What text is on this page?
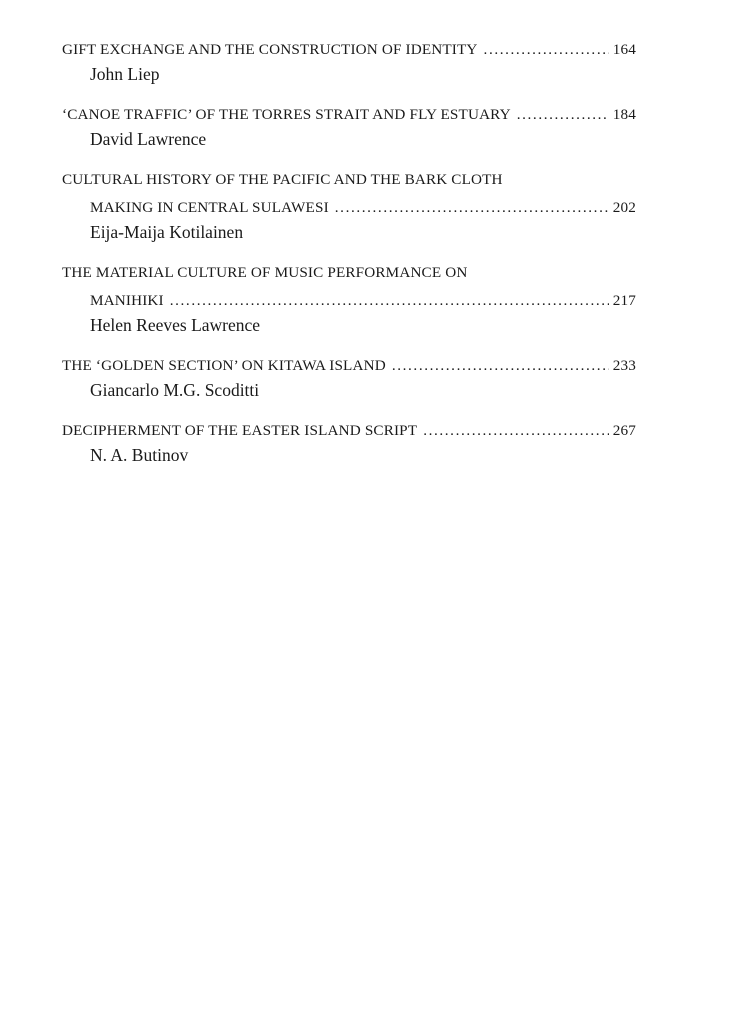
GIFT EXCHANGE AND THE CONSTRUCTION OF IDENTITY . . .	164
John Liep
‘CANOE TRAFFIC’ OF THE TORRES STRAIT AND FLY ESTUARY . . .	184
David Lawrence
CULTURAL HISTORY OF THE PACIFIC AND THE BARK CLOTH
MAKING IN CENTRAL SULAWESI . . .	202
Eija-Maija Kotilainen
THE MATERIAL CULTURE OF MUSIC PERFORMANCE ON
MANIHIKI . . .	217
Helen Reeves Lawrence
THE ‘GOLDEN SECTION’ ON KITAWA ISLAND . . .	233
Giancarlo M.G. Scoditti
DECIPHERMENT OF THE EASTER ISLAND SCRIPT . . .	267
N. A. Butinov
